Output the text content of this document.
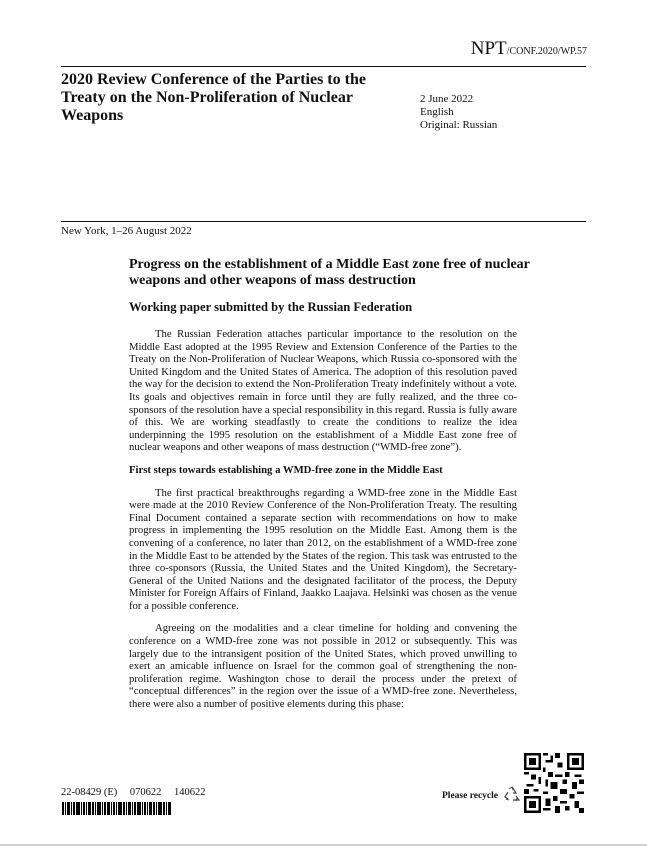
NPT/CONF.2020/WP.57
2020 Review Conference of the Parties to the Treaty on the Non-Proliferation of Nuclear Weapons
2 June 2022
English
Original: Russian
New York, 1–26 August 2022
Progress on the establishment of a Middle East zone free of nuclear weapons and other weapons of mass destruction
Working paper submitted by the Russian Federation

The Russian Federation attaches particular importance to the resolution on the Middle East adopted at the 1995 Review and Extension Conference of the Parties to the Treaty on the Non-Proliferation of Nuclear Weapons, which Russia co-sponsored with the United Kingdom and the United States of America. The adoption of this resolution paved the way for the decision to extend the Non-Proliferation Treaty indefinitely without a vote. Its goals and objectives remain in force until they are fully realized, and the three co-sponsors of the resolution have a special responsibility in this regard. Russia is fully aware of this. We are working steadfastly to create the conditions to realize the idea underpinning the 1995 resolution on the establishment of a Middle East zone free of nuclear weapons and other weapons of mass destruction (“WMD-free zone”).

First steps towards establishing a WMD-free zone in the Middle East

The first practical breakthroughs regarding a WMD-free zone in the Middle East were made at the 2010 Review Conference of the Non-Proliferation Treaty. The resulting Final Document contained a separate section with recommendations on how to make progress in implementing the 1995 resolution on the Middle East. Among them is the convening of a conference, no later than 2012, on the establishment of a WMD-free zone in the Middle East to be attended by the States of the region. This task was entrusted to the three co-sponsors (Russia, the United States and the United Kingdom), the Secretary-General of the United Nations and the designated facilitator of the process, the Deputy Minister for Foreign Affairs of Finland, Jaakko Laajava. Helsinki was chosen as the venue for a possible conference.

Agreeing on the modalities and a clear timeline for holding and convening the conference on a WMD-free zone was not possible in 2012 or subsequently. This was largely due to the intransigent position of the United States, which proved unwilling to exert an amicable influence on Israel for the common goal of strengthening the non-proliferation regime. Washington chose to derail the process under the pretext of “conceptual differences” in the region over the issue of a WMD-free zone. Nevertheless, there were also a number of positive elements during this phase:

22-08429 (E) 070622 140622	Please recycle
